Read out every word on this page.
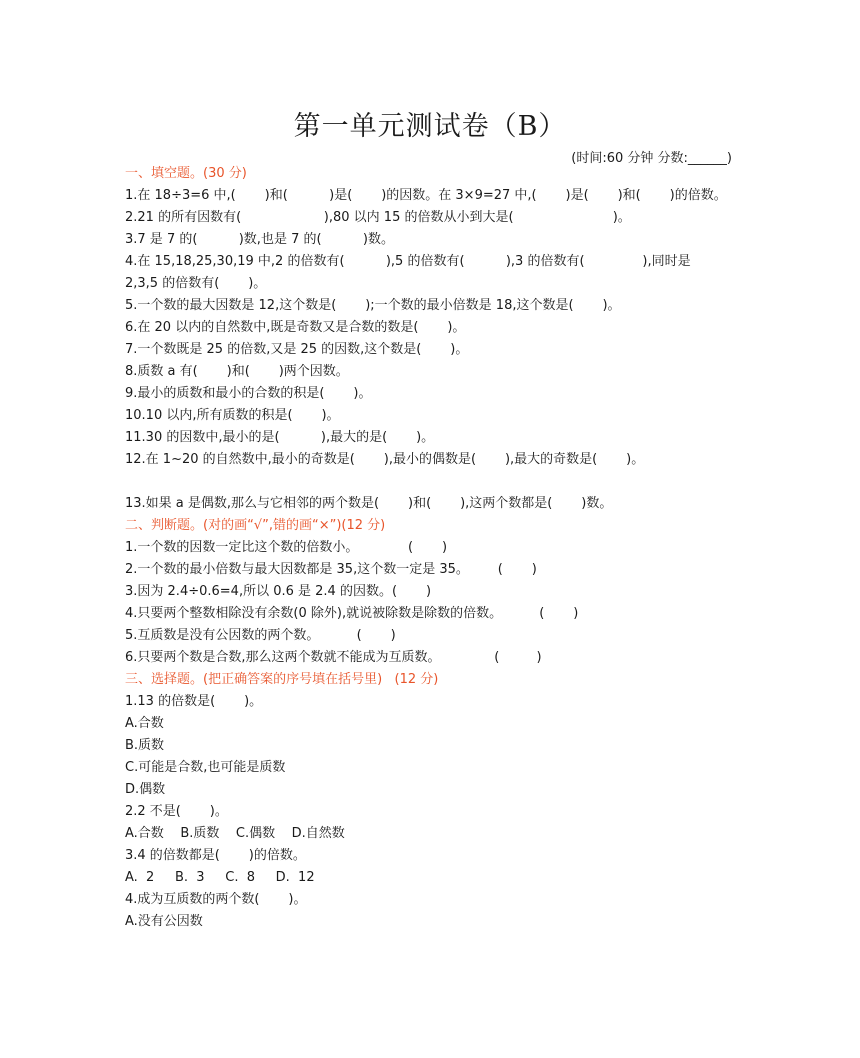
第一单元测试卷（B）
(时间:60 分钟 分数:______)
一、填空题。(30 分)
1.在 18÷3=6 中,(       )和(          )是(       )的因数。在 3×9=27 中,(       )是(       )和(       )的倍数。
2.21 的所有因数有(                    ),80 以内 15 的倍数从小到大是(                        )。
3.7 是 7 的(          )数,也是 7 的(          )数。
4.在 15,18,25,30,19 中,2 的倍数有(          ),5 的倍数有(          ),3 的倍数有(              ),同时是
2,3,5 的倍数有(       )。
5.一个数的最大因数是 12,这个数是(       );一个数的最小倍数是 18,这个数是(       )。
6.在 20 以内的自然数中,既是奇数又是合数的数是(       )。
7.一个数既是 25 的倍数,又是 25 的因数,这个数是(       )。
8.质数 a 有(       )和(       )两个因数。
9.最小的质数和最小的合数的积是(       )。
10.10 以内,所有质数的积是(       )。
11.30 的因数中,最小的是(          ),最大的是(       )。
12.在 1~20 的自然数中,最小的奇数是(       ),最小的偶数是(       ),最大的奇数是(       )。
13.如果 a 是偶数,那么与它相邻的两个数是(       )和(       ),这两个数都是(       )数。
二、判断题。(对的画“√”,错的画“×”)(12 分)
1.一个数的因数一定比这个数的倍数小。            (       )
2.一个数的最小倍数与最大因数都是 35,这个数一定是 35。       (       )
3.因为 2.4÷0.6=4,所以 0.6 是 2.4 的因数。(       )
4.只要两个整数相除没有余数(0 除外),就说被除数是除数的倍数。         (       )
5.互质数是没有公因数的两个数。         (       )
6.只要两个数是合数,那么这两个数就不能成为互质数。             (         )
三、选择题。(把正确答案的序号填在括号里)   (12 分)
1.13 的倍数是(       )。
A.合数
B.质数
C.可能是合数,也可能是质数
D.偶数
2.2 不是(       )。
A.合数    B.质数    C.偶数    D.自然数
3.4 的倍数都是(       )的倍数。
A.  2     B.  3     C.  8     D.  12
4.成为互质数的两个数(       )。
A.没有公因数
